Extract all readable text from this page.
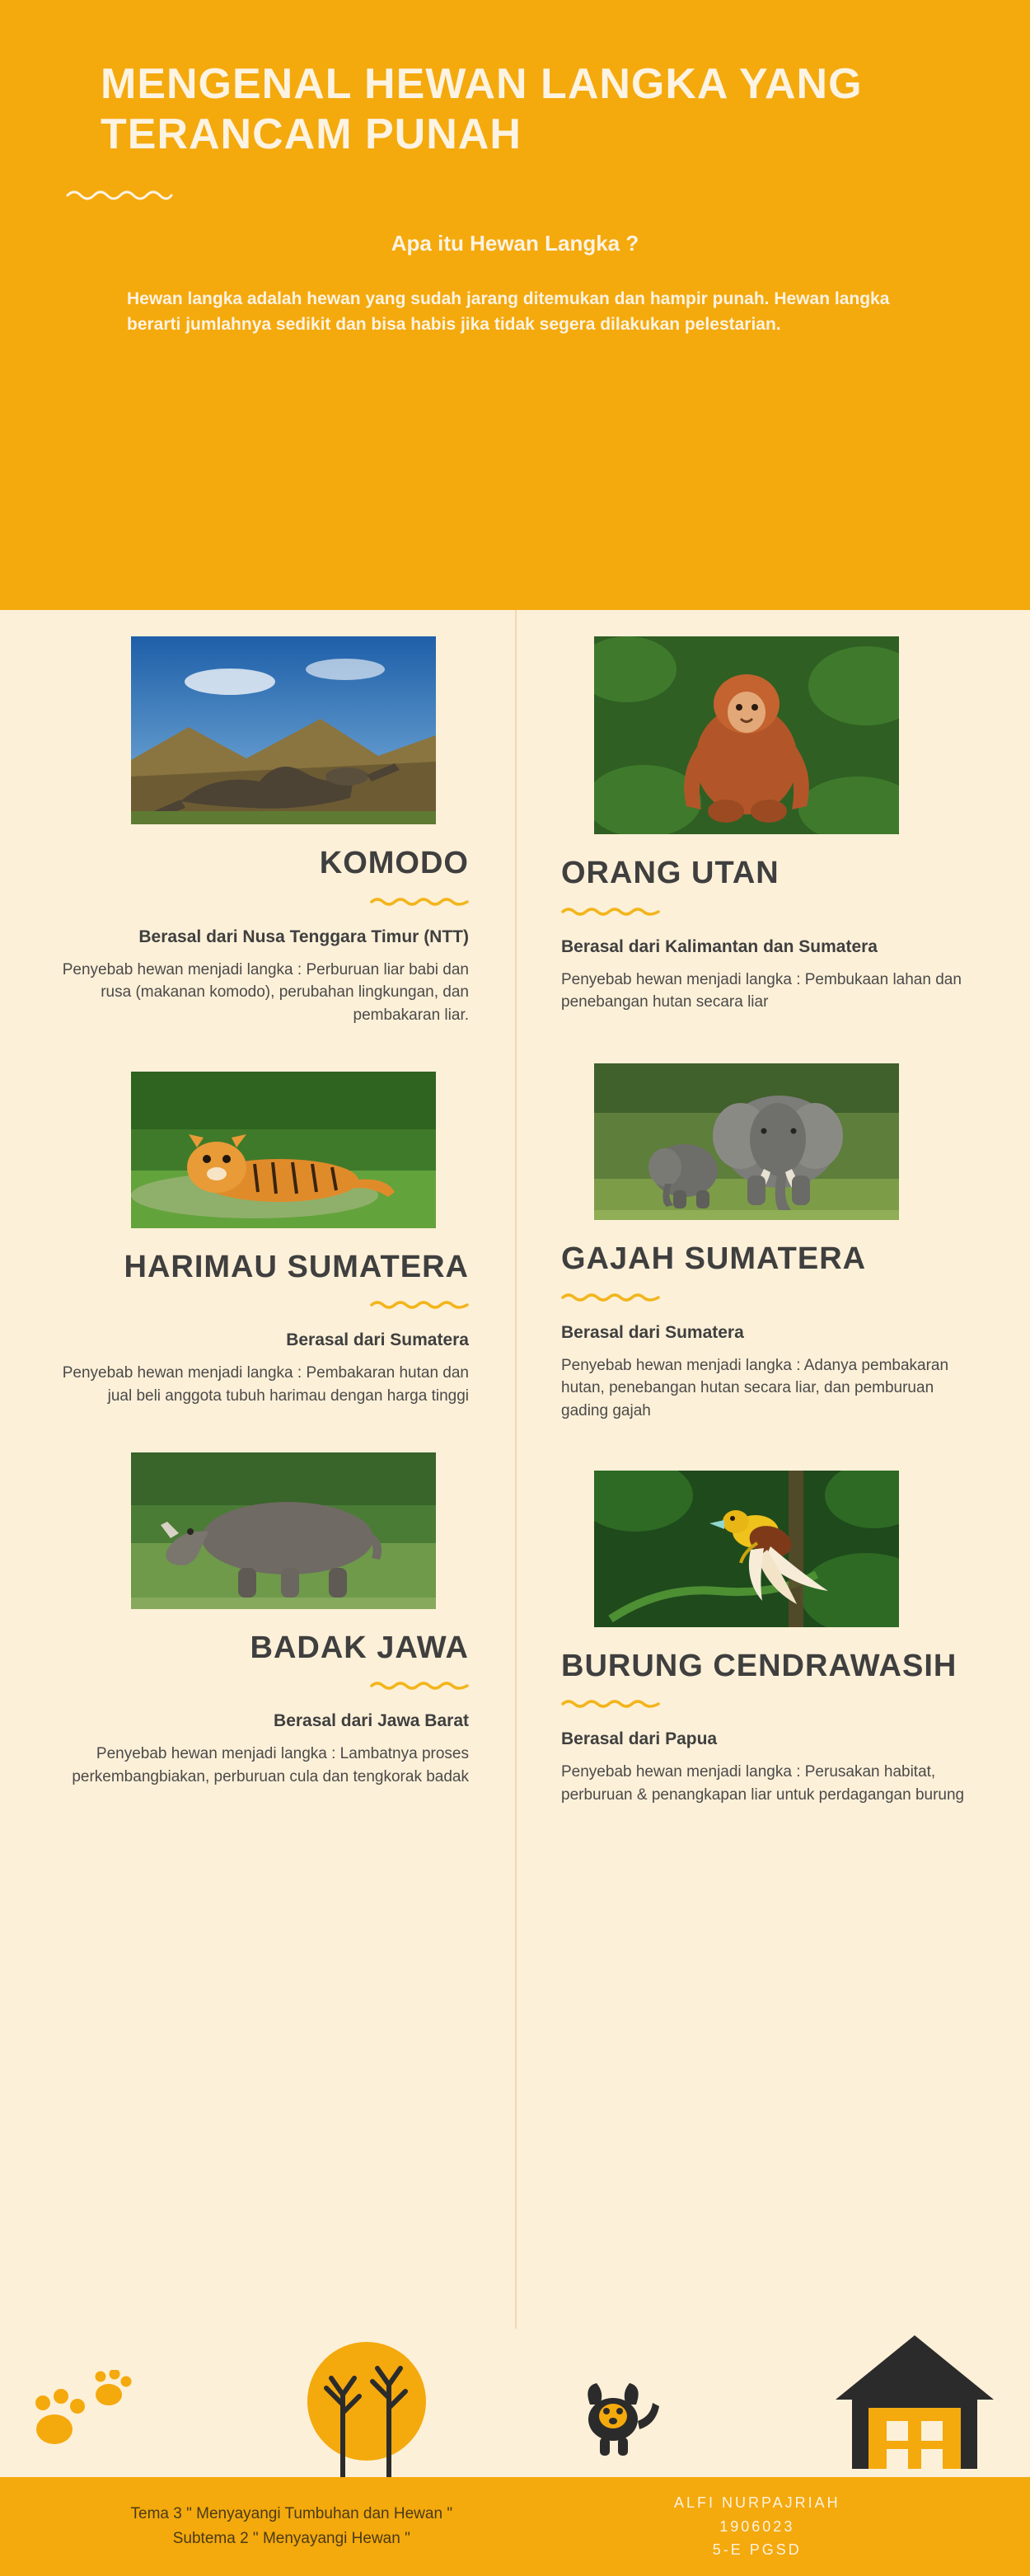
MENGENAL HEWAN LANGKA YANG TERANCAM PUNAH
Apa itu Hewan Langka ?
Hewan langka adalah hewan yang sudah jarang ditemukan dan hampir punah. Hewan langka berarti jumlahnya sedikit dan bisa habis jika tidak segera dilakukan pelestarian.
KOMODO
Berasal dari Nusa Tenggara Timur (NTT)

Penyebab hewan menjadi langka : Perburuan liar babi dan rusa (makanan komodo), perubahan lingkungan, dan pembakaran liar.

HARIMAU SUMATERA
Berasal dari Sumatera

Penyebab hewan menjadi langka : Pembakaran hutan dan jual beli anggota tubuh harimau dengan harga tinggi

BADAK JAWA
Berasal dari Jawa Barat

Penyebab hewan menjadi langka : Lambatnya proses perkembangbiakan, perburuan cula dan tengkorak badak

ORANG UTAN
Berasal dari Kalimantan dan Sumatera

Penyebab hewan menjadi langka : Pembukaan lahan dan penebangan hutan secara liar

GAJAH SUMATERA
Berasal dari Sumatera

Penyebab hewan menjadi langka : Adanya pembakaran hutan, penebangan hutan secara liar, dan pemburuan gading gajah

BURUNG CENDRAWASIH
Berasal dari Papua

Penyebab hewan menjadi langka : Perusakan habitat, perburuan & penangkapan liar untuk perdagangan burung

Tema 3 " Menyayangi Tumbuhan dan Hewan "
Subtema 2 " Menyayangi Hewan "
ALFI NURPAJRIAH
1906023
5-E PGSD
